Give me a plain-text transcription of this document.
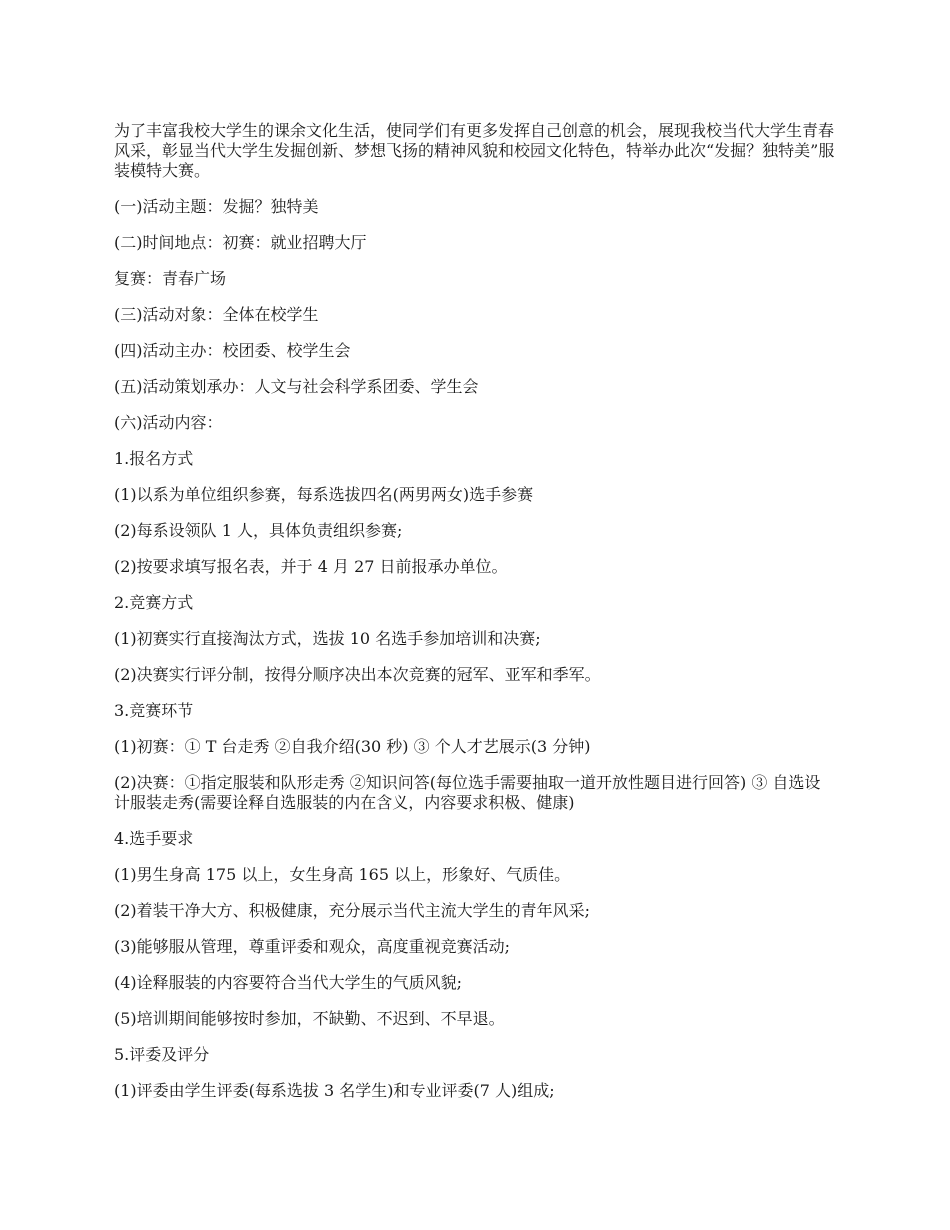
为了丰富我校大学生的课余文化生活，使同学们有更多发挥自己创意的机会，展现我校当代大学生青春风采，彰显当代大学生发掘创新、梦想飞扬的精神风貌和校园文化特色，特举办此次“发掘？独特美”服装模特大赛。

(一)活动主题：发掘？独特美

(二)时间地点：初赛：就业招聘大厅

复赛：青春广场

(三)活动对象：全体在校学生

(四)活动主办：校团委、校学生会

(五)活动策划承办：人文与社会科学系团委、学生会

(六)活动内容：

1.报名方式

(1)以系为单位组织参赛，每系选拔四名(两男两女)选手参赛

(2)每系设领队 1 人，具体负责组织参赛;

(2)按要求填写报名表，并于 4 月 27 日前报承办单位。

2.竞赛方式

(1)初赛实行直接淘汰方式，选拔 10 名选手参加培训和决赛;

(2)决赛实行评分制，按得分顺序决出本次竞赛的冠军、亚军和季军。

3.竞赛环节

(1)初赛：① T 台走秀 ②自我介绍(30 秒) ③ 个人才艺展示(3 分钟)

(2)决赛：①指定服装和队形走秀 ②知识问答(每位选手需要抽取一道开放性题目进行回答) ③ 自选设计服装走秀(需要诠释自选服装的内在含义，内容要求积极、健康)

4.选手要求

(1)男生身高 175 以上，女生身高 165 以上，形象好、气质佳。

(2)着装干净大方、积极健康，充分展示当代主流大学生的青年风采;

(3)能够服从管理，尊重评委和观众，高度重视竞赛活动;

(4)诠释服装的内容要符合当代大学生的气质风貌;

(5)培训期间能够按时参加，不缺勤、不迟到、不早退。

5.评委及评分

(1)评委由学生评委(每系选拔 3 名学生)和专业评委(7 人)组成;
